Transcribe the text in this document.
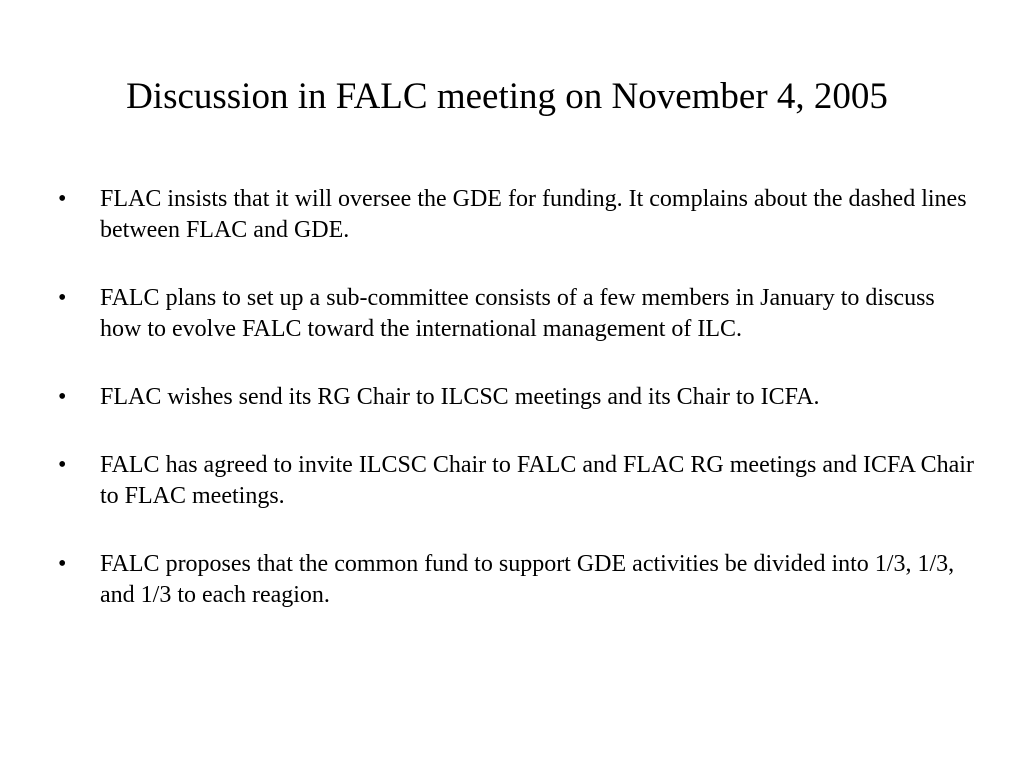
Discussion in FALC meeting on November 4, 2005
•	FLAC insists that it will oversee the GDE for funding. It complains about the dashed lines between FLAC and GDE.
•	FALC plans to set up a sub-committee consists of a few members in January to discuss how to evolve FALC toward the international management of ILC.
•	FLAC wishes send its RG Chair to ILCSC meetings and its Chair to ICFA.
•	FALC has agreed to invite ILCSC Chair to FALC and FLAC RG meetings and ICFA Chair to FLAC meetings.
•	FALC proposes that the common fund to support GDE activities be divided into 1/3, 1/3, and 1/3 to each reagion.
